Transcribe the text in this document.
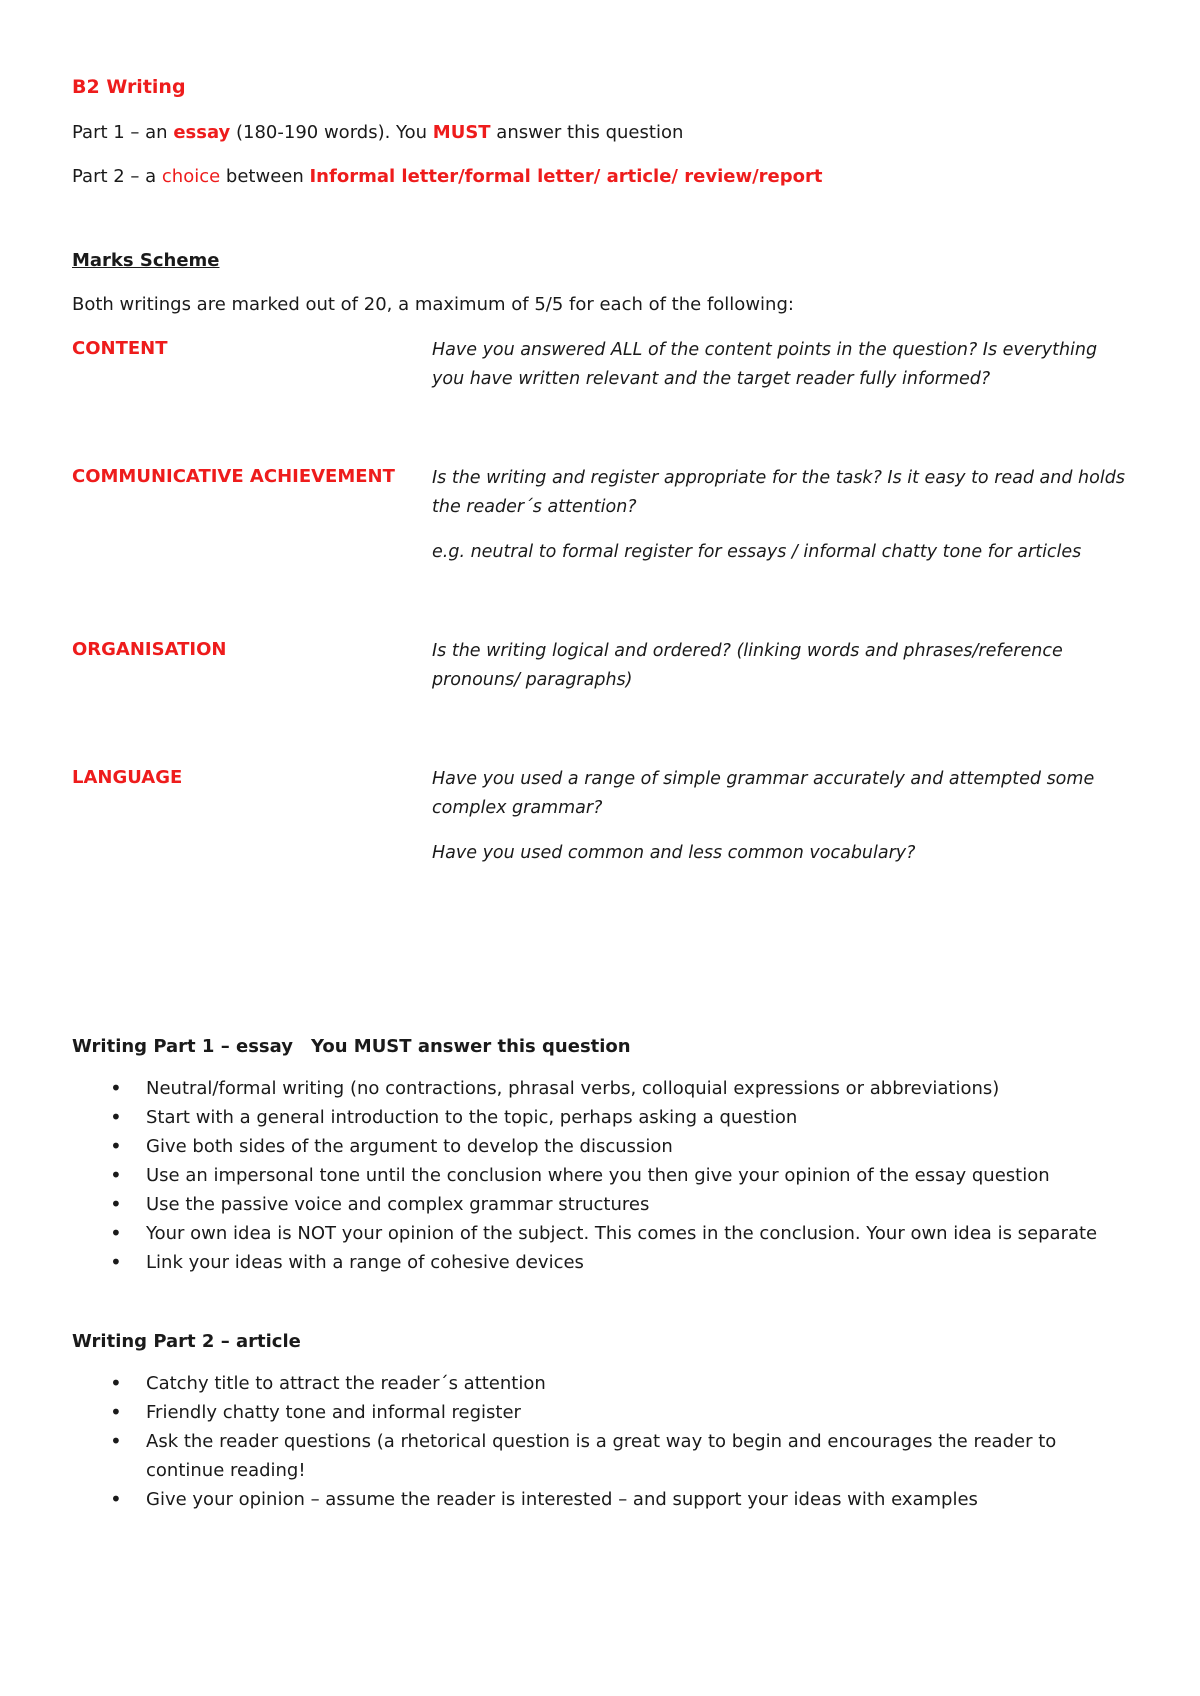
B2 Writing
Part 1 – an essay (180-190 words). You MUST answer this question
Part 2 – a choice between Informal letter/formal letter/ article/ review/report
Marks Scheme
Both writings are marked out of 20, a maximum of 5/5 for each of the following:
CONTENT	Have you answered ALL of the content points in the question? Is everything you have written relevant and the target reader fully informed?

COMMUNICATIVE ACHIEVEMENT	Is the writing and register appropriate for the task? Is it easy to read and holds the reader´s attention?

e.g. neutral to formal register for essays / informal chatty tone for articles

ORGANISATION	Is the writing logical and ordered? (linking words and phrases/reference pronouns/ paragraphs)

LANGUAGE	Have you used a range of simple grammar accurately and attempted some complex grammar?

Have you used common and less common vocabulary?

Writing Part 1 – essay You MUST answer this question
• Neutral/formal writing (no contractions, phrasal verbs, colloquial expressions or abbreviations)
• Start with a general introduction to the topic, perhaps asking a question
• Give both sides of the argument to develop the discussion
• Use an impersonal tone until the conclusion where you then give your opinion of the essay question
• Use the passive voice and complex grammar structures
• Your own idea is NOT your opinion of the subject. This comes in the conclusion. Your own idea is separate
• Link your ideas with a range of cohesive devices
Writing Part 2 – article
• Catchy title to attract the reader´s attention
• Friendly chatty tone and informal register
• Ask the reader questions (a rhetorical question is a great way to begin and encourages the reader to continue reading!
• Give your opinion – assume the reader is interested – and support your ideas with examples
